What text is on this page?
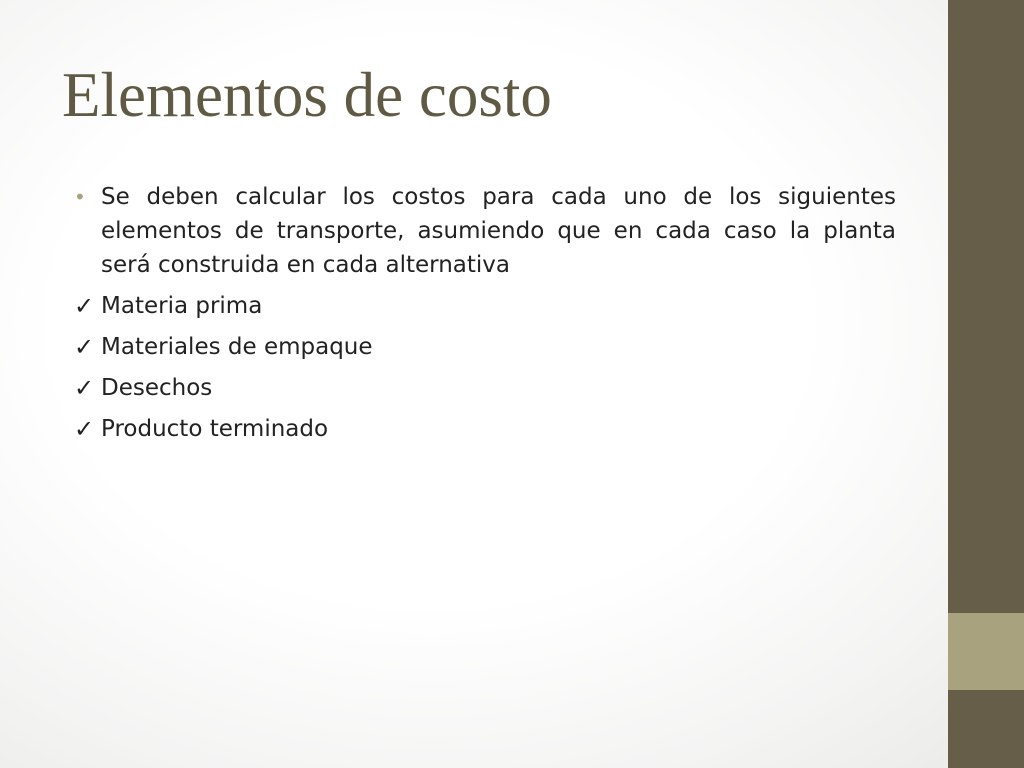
Elementos de costo
• Se deben calcular los costos para cada uno de los siguientes elementos de transporte, asumiendo que en cada caso la planta será construida en cada alternativa
✓ Materia prima
✓ Materiales de empaque
✓ Desechos
✓ Producto terminado
